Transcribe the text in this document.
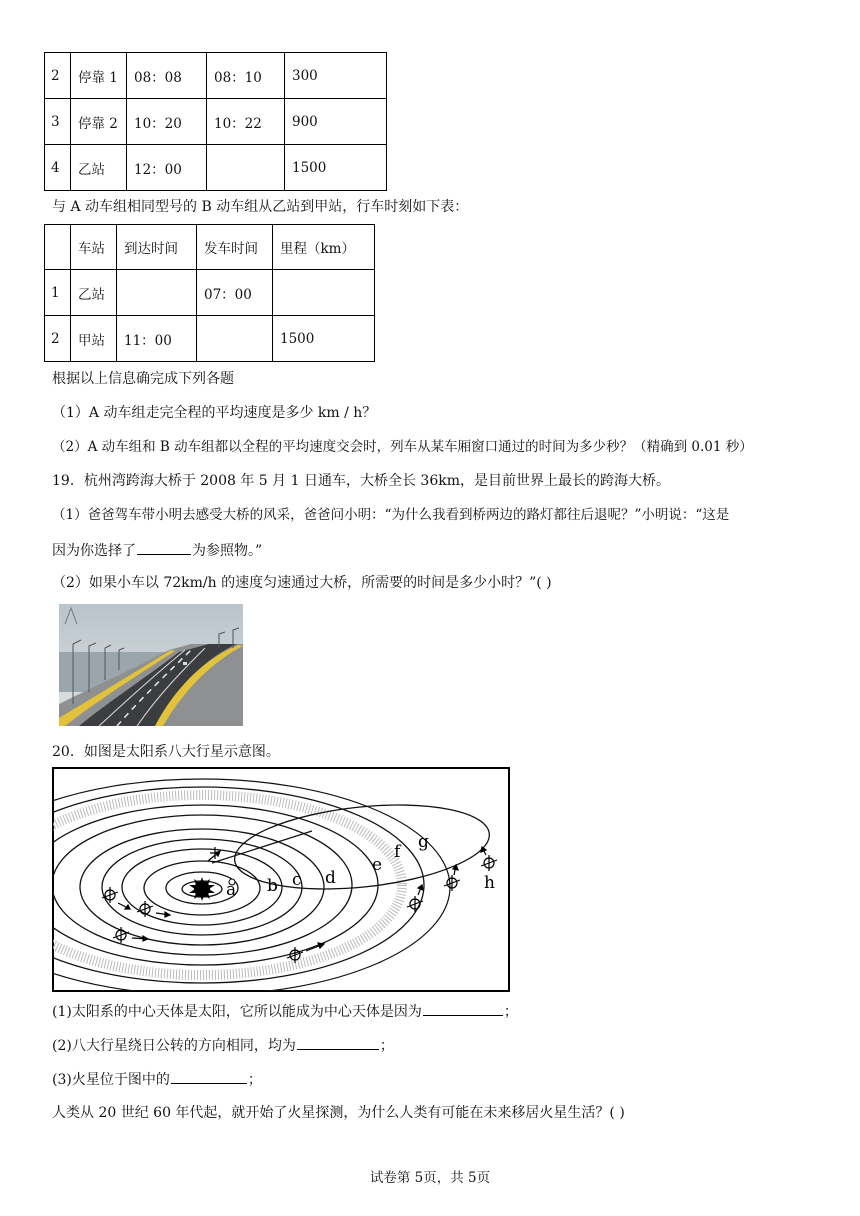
2	停靠 1	08：08	08：10	300
3	停靠 2	10：20	10：22	900
4	乙站	12：00		1500
与 A 动车组相同型号的 B 动车组从乙站到甲站，行车时刻如下表：
	车站	到达时间	发车时间	里程（km）
1	乙站		07：00	
2	甲站	11：00		1500
根据以上信息确完成下列各题
（1）A 动车组走完全程的平均速度是多少 km / h？
（2）A 动车组和 B 动车组都以全程的平均速度交会时，列车从某车厢窗口通过的时间为多少秒？（精确到 0.01 秒）
19．杭州湾跨海大桥于 2008 年 5 月 1 日通车，大桥全长 36km，是目前世界上最长的跨海大桥。
（1）爸爸驾车带小明去感受大桥的风采，爸爸问小明：“为什么我看到桥两边的路灯都往后退呢？”小明说：“这是
因为你选择了	为参照物。”
（2）如果小车以 72km/h 的速度匀速通过大桥，所需要的时间是多少小时？”( )
20．如图是太阳系八大行星示意图。
a b c d
e
f g
h
(1)太阳系的中心天体是太阳，它所以能成为中心天体是因为	；
(2)八大行星绕日公转的方向相同，均为	；
(3)火星位于图中的	；
人类从 20 世纪 60 年代起，就开始了火星探测，为什么人类有可能在未来移居火星生活？( )
试卷第 5页，共 5页
